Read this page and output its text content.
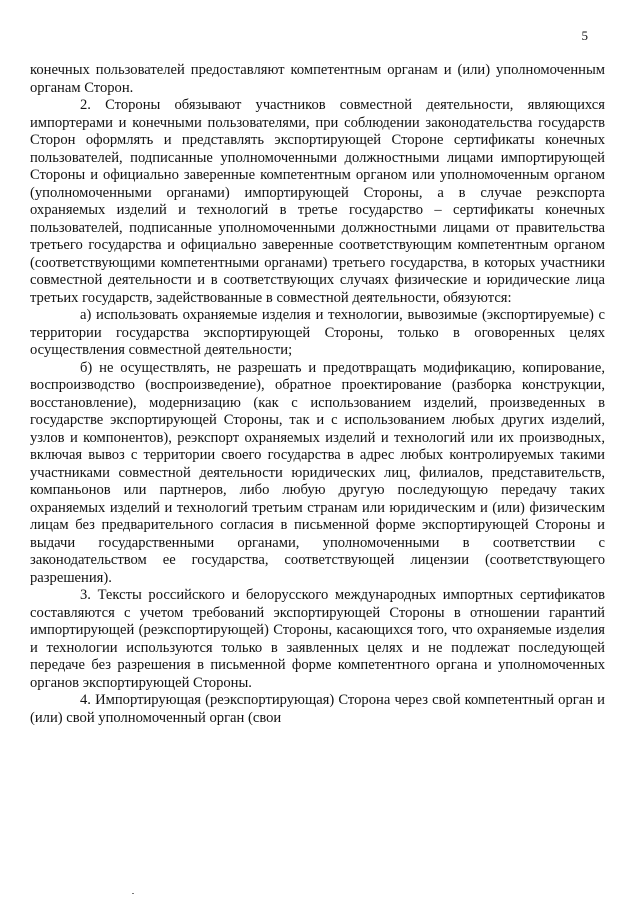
5

конечных пользователей предоставляют компетентным органам и (или) уполномоченным органам Сторон.

2. Стороны обязывают участников совместной деятельности, являющихся импортерами и конечными пользователями, при соблюдении законодательства государств Сторон оформлять и представлять экспортирующей Стороне сертификаты конечных пользователей, подписанные уполномоченными должностными лицами импортирующей Стороны и официально заверенные компетентным органом или уполномоченным органом (уполномоченными органами) импортирующей Стороны, а в случае реэкспорта охраняемых изделий и технологий в третье государство – сертификаты конечных пользователей, подписанные уполномоченными должностными лицами от правительства третьего государства и официально заверенные соответствующим компетентным органом (соответствующими компетентными органами) третьего государства, в которых участники совместной деятельности и в соответствующих случаях физические и юридические лица третьих государств, задействованные в совместной деятельности, обязуются:

а) использовать охраняемые изделия и технологии, вывозимые (экспортируемые) с территории государства экспортирующей Стороны, только в оговоренных целях осуществления совместной деятельности;

б) не осуществлять, не разрешать и предотвращать модификацию, копирование, воспроизводство (воспроизведение), обратное проектирование (разборка конструкции, восстановление), модернизацию (как с использованием изделий, произведенных в государстве экспортирующей Стороны, так и с использованием любых других изделий, узлов и компонентов), реэкспорт охраняемых изделий и технологий или их производных, включая вывоз с территории своего государства в адрес любых контролируемых такими участниками совместной деятельности юридических лиц, филиалов, представительств, компаньонов или партнеров, либо любую другую последующую передачу таких охраняемых изделий и технологий третьим странам или юридическим и (или) физическим лицам без предварительного согласия в письменной форме экспортирующей Стороны и выдачи государственными органами, уполномоченными в соответствии с законодательством ее государства, соответствующей лицензии (соответствующего разрешения).

3. Тексты российского и белорусского международных импортных сертификатов составляются с учетом требований экспортирующей Стороны в отношении гарантий импортирующей (реэкспортирующей) Стороны, касающихся того, что охраняемые изделия и технологии используются только в заявленных целях и не подлежат последующей передаче без разрешения в письменной форме компетентного органа и уполномоченных органов экспортирующей Стороны.

4. Импортирующая (реэкспортирующая) Сторона через свой компетентный орган и (или) свой уполномоченный орган (свои
